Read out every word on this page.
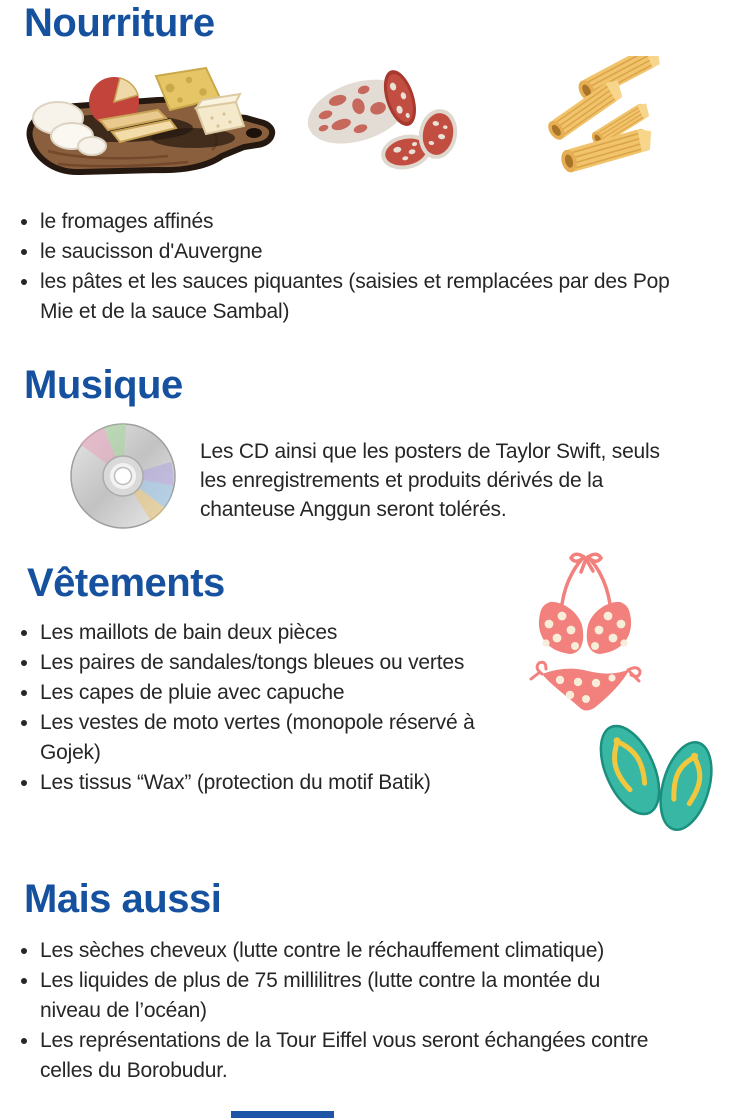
Nourriture
le fromages affinés
le saucisson d'Auvergne
les pâtes et les sauces piquantes (saisies et remplacées par des Pop
Mie et de la sauce Sambal)
Musique
Les CD ainsi que les posters de Taylor Swift, seuls
les enregistrements et produits dérivés de la
chanteuse Anggun seront tolérés.
Vêtements
Les maillots de bain deux pièces
Les paires de sandales/tongs bleues ou vertes
Les capes de pluie avec capuche
Les vestes de moto vertes (monopole réservé à
Gojek)
Les tissus “Wax” (protection du motif Batik)
Mais aussi
Les sèches cheveux (lutte contre le réchauffement climatique)
Les liquides de plus de 75 millilitres (lutte contre la montée du
niveau de l’océan)
Les représentations de la Tour Eiffel vous seront échangées contre
celles du Borobudur.
